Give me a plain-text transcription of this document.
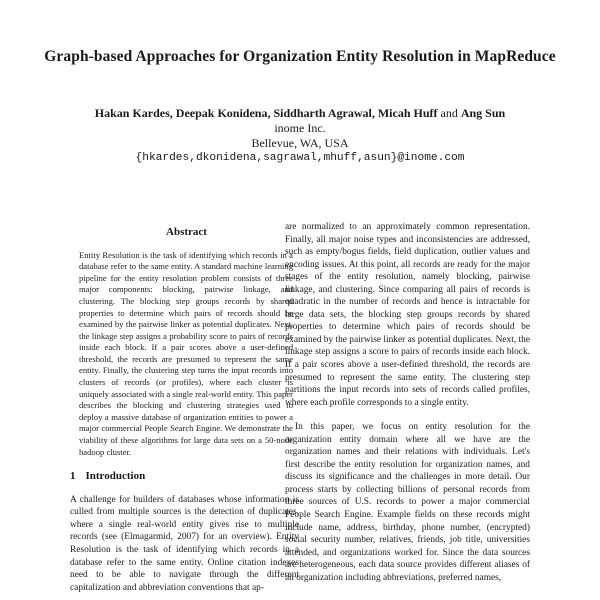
Graph-based Approaches for Organization Entity Resolution in MapReduce
Hakan Kardes, Deepak Konidena, Siddharth Agrawal, Micah Huff and Ang Sun
inome Inc.
Bellevue, WA, USA
{hkardes,dkonidena,sagrawal,mhuff,asun}@inome.com
Abstract

Entity Resolution is the task of identifying which records in a database refer to the same entity. A standard machine learning pipeline for the entity resolution problem consists of three major components: blocking, pairwise linkage, and clustering. The blocking step groups records by shared properties to determine which pairs of records should be examined by the pairwise linker as potential duplicates. Next, the linkage step assigns a probability score to pairs of records inside each block. If a pair scores above a user-defined threshold, the records are presumed to represent the same entity. Finally, the clustering step turns the input records into clusters of records (or profiles), where each cluster is uniquely associated with a single real-world entity. This paper describes the blocking and clustering strategies used to deploy a massive database of organization entities to power a major commercial People Search Engine. We demonstrate the viability of these algorithms for large data sets on a 50-node hadoop cluster.

1 Introduction

A challenge for builders of databases whose information is culled from multiple sources is the detection of duplicates, where a single real-world entity gives rise to multiple records (see (Elmagarmid, 2007) for an overview). Entity Resolution is the task of identifying which records in a database refer to the same entity. Online citation indexes need to be able to navigate through the different capitalization and abbreviation conventions that ap-

are normalized to an approximately common representation. Finally, all major noise types and inconsistencies are addressed, such as empty/bogus fields, field duplication, outlier values and encoding issues. At this point, all records are ready for the major stages of the entity resolution, namely blocking, pairwise linkage, and clustering. Since comparing all pairs of records is quadratic in the number of records and hence is intractable for large data sets, the blocking step groups records by shared properties to determine which pairs of records should be examined by the pairwise linker as potential duplicates. Next, the linkage step assigns a score to pairs of records inside each block. If a pair scores above a user-defined threshold, the records are presumed to represent the same entity. The clustering step partitions the input records into sets of records called profiles, where each profile corresponds to a single entity.

In this paper, we focus on entity resolution for the organization entity domain where all we have are the organization names and their relations with individuals. Let's first describe the entity resolution for organization names, and discuss its significance and the challenges in more detail. Our process starts by collecting billions of personal records from three sources of U.S. records to power a major commercial People Search Engine. Example fields on these records might include name, address, birthday, phone number, (encrypted) social security number, relatives, friends, job title, universities attended, and organizations worked for. Since the data sources are heterogeneous, each data source provides different aliases of an organization including abbreviations, preferred names,
